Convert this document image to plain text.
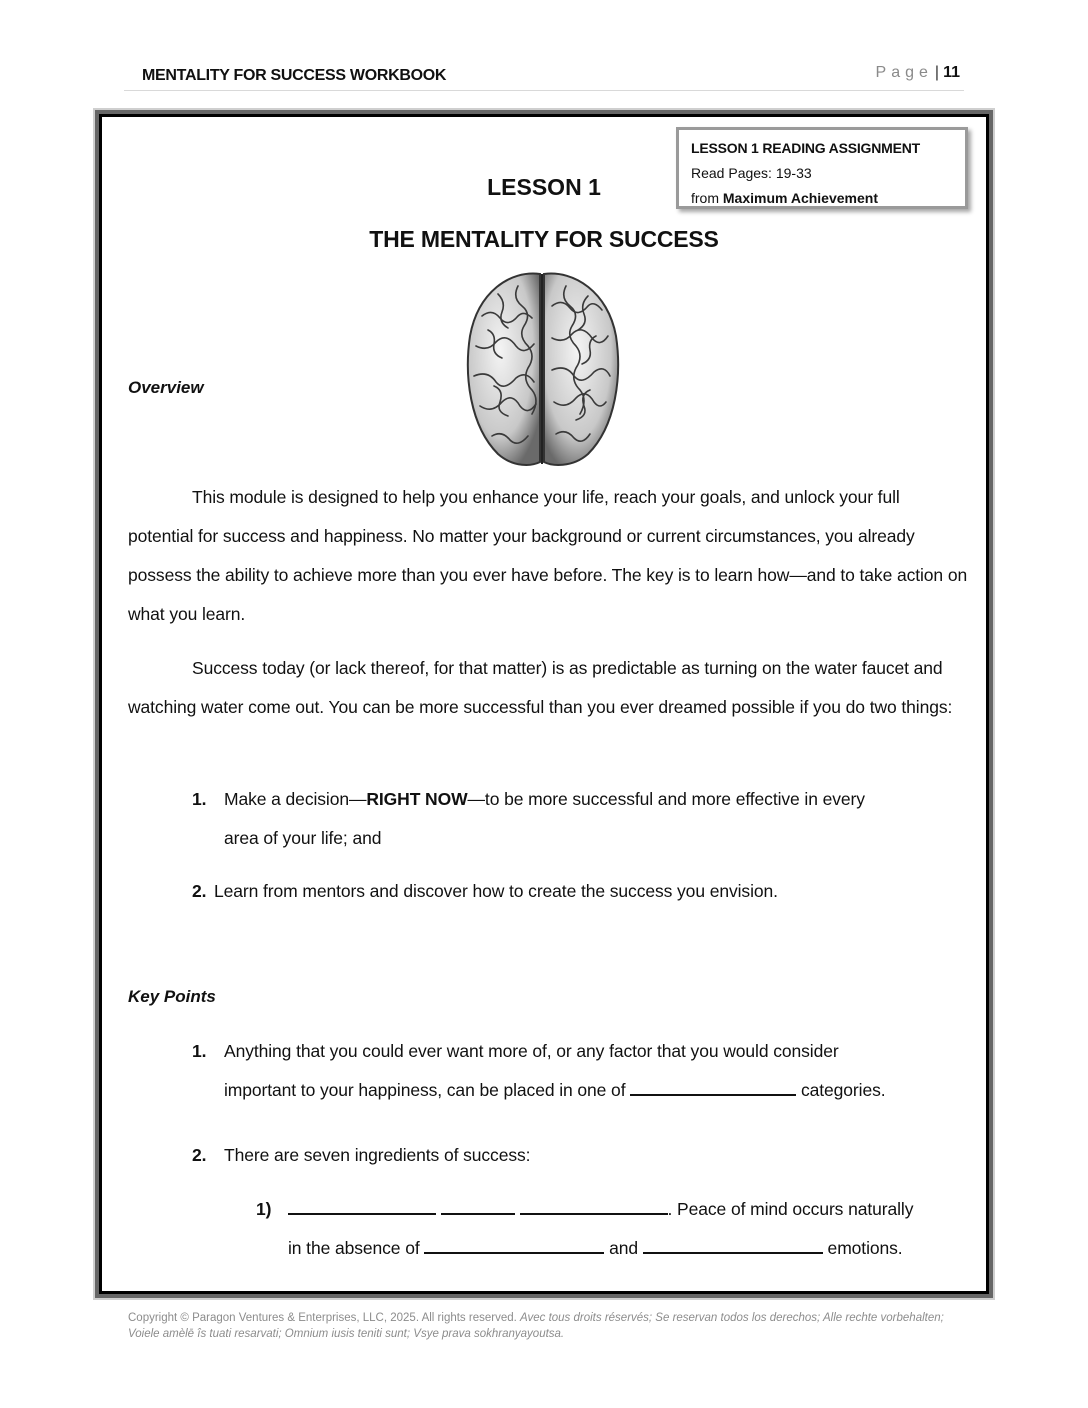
MENTALITY FOR SUCCESS WORKBOOK	Page | 11
LESSON 1 READING ASSIGNMENT
Read Pages: 19-33
from Maximum Achievement
LESSON 1
THE MENTALITY FOR SUCCESS
Overview
This module is designed to help you enhance your life, reach your goals, and unlock your full potential for success and happiness. No matter your background or current circumstances, you already possess the ability to achieve more than you ever have before. The key is to learn how—and to take action on what you learn.
Success today (or lack thereof, for that matter) is as predictable as turning on the water faucet and watching water come out. You can be more successful than you ever dreamed possible if you do two things:
1. Make a decision—RIGHT NOW—to be more successful and more effective in every
area of your life; and
2. Learn from mentors and discover how to create the success you envision.
Key Points
1. Anything that you could ever want more of, or any factor that you would consider
important to your happiness, can be placed in one of	categories.
2. There are seven ingredients of success:
1)	. Peace of mind occurs naturally
in the absence of	and	emotions.
Copyright © Paragon Ventures & Enterprises, LLC, 2025. All rights reserved. Avec tous droits réservés; Se reservan todos los derechos; Alle rechte vorbehalten; Voiele amèlē îs tuati resarvati; Omnium iusis teniti sunt; Vsye prava sokhranyayoutsa.
